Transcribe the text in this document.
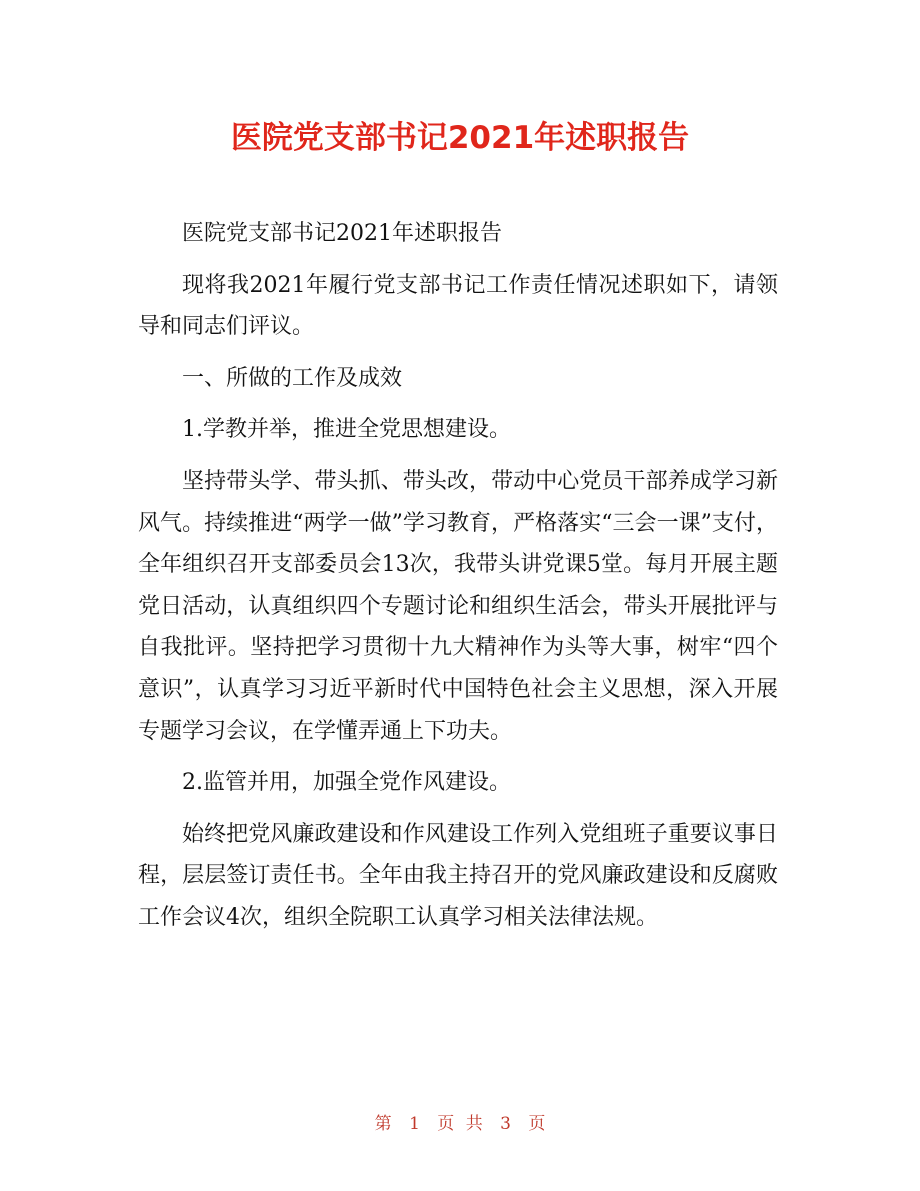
医院党支部书记2021年述职报告

医院党支部书记2021年述职报告

现将我2021年履行党支部书记工作责任情况述职如下，请领导和同志们评议。

一、所做的工作及成效

1.学教并举，推进全党思想建设。

坚持带头学、带头抓、带头改，带动中心党员干部养成学习新风气。持续推进“两学一做”学习教育，严格落实“三会一课”支付，全年组织召开支部委员会13次，我带头讲党课5堂。每月开展主题党日活动，认真组织四个专题讨论和组织生活会，带头开展批评与自我批评。坚持把学习贯彻十九大精神作为头等大事，树牢“四个意识”，认真学习习近平新时代中国特色社会主义思想，深入开展专题学习会议，在学懂弄通上下功夫。

2.监管并用，加强全党作风建设。

始终把党风廉政建设和作风建设工作列入党组班子重要议事日程，层层签订责任书。全年由我主持召开的党风廉政建设和反腐败工作会议4次，组织全院职工认真学习相关法律法规。

第 1 页 共 3 页
